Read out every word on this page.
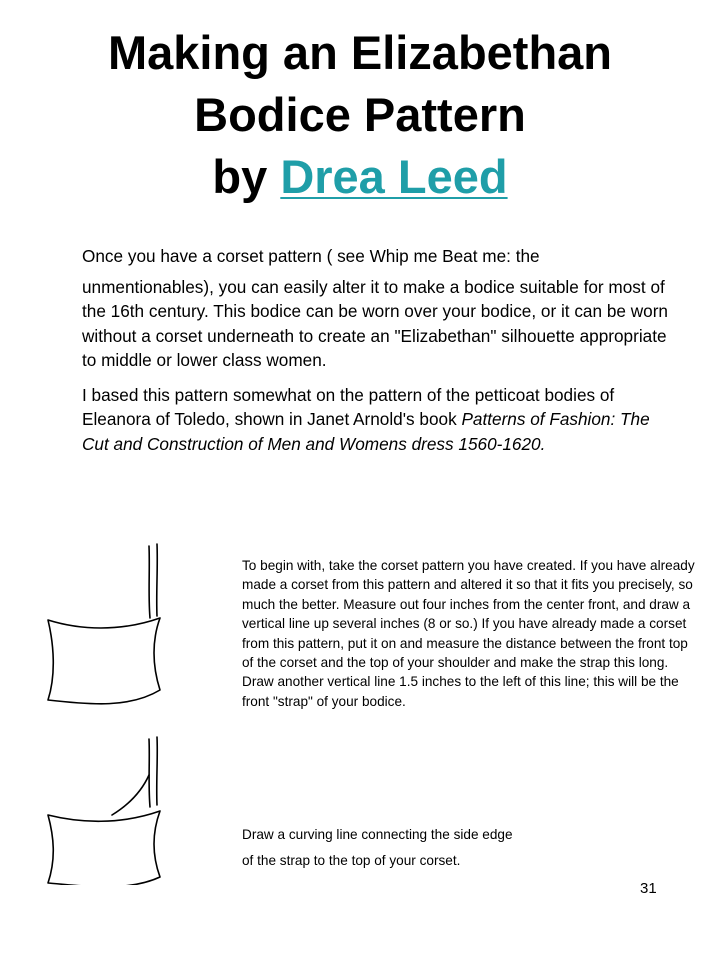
Making an Elizabethan
Bodice Pattern
by Drea Leed

Once you have a corset pattern ( see Whip me Beat me: the
unmentionables), you can easily alter it to make a bodice suitable for most of the 16th century. This bodice can be worn over your bodice, or it can be worn without a corset underneath to create an "Elizabethan" silhouette appropriate to middle or lower class women.

I based this pattern somewhat on the pattern of the petticoat bodies of Eleanora of Toledo, shown in Janet Arnold's book Patterns of Fashion: The Cut and Construction of Men and Womens dress 1560-1620.

To begin with, take the corset pattern you have created. If you have already made a corset from this pattern and altered it so that it fits you precisely, so much the better. Measure out four inches from the center front, and draw a vertical line up several inches (8 or so.) If you have already made a corset from this pattern, put it on and measure the distance between the front top of the corset and the top of your shoulder and make the strap this long. Draw another vertical line 1.5 inches to the left of this line; this will be the front "strap" of your bodice.
Draw a curving line connecting the side edge
of the strap to the top of your corset.
31
